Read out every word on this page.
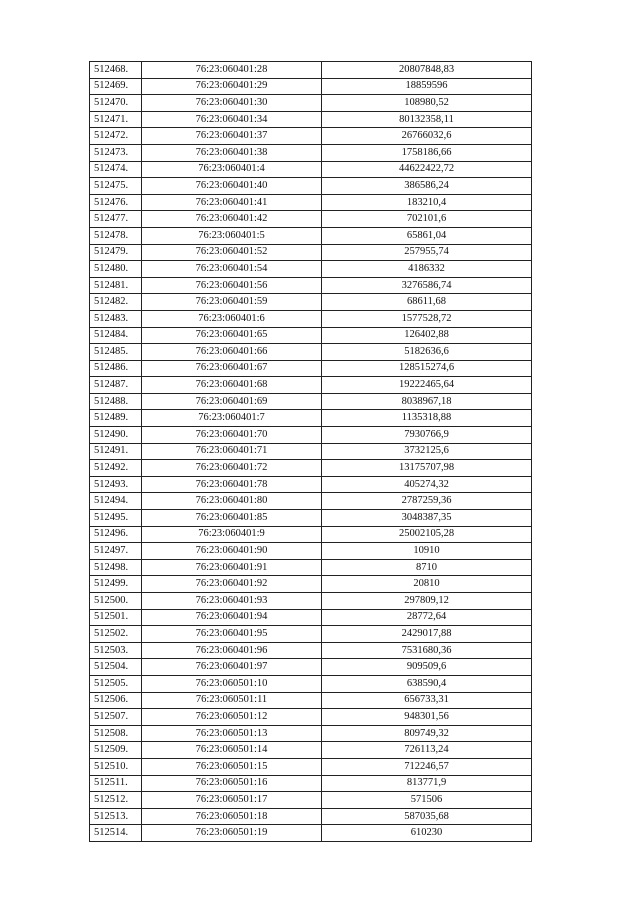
512468.	76:23:060401:28	20807848,83
512469.	76:23:060401:29	18859596
512470.	76:23:060401:30	108980,52
512471.	76:23:060401:34	80132358,11
512472.	76:23:060401:37	26766032,6
512473.	76:23:060401:38	1758186,66
512474.	76:23:060401:4	44622422,72
512475.	76:23:060401:40	386586,24
512476.	76:23:060401:41	183210,4
512477.	76:23:060401:42	702101,6
512478.	76:23:060401:5	65861,04
512479.	76:23:060401:52	257955,74
512480.	76:23:060401:54	4186332
512481.	76:23:060401:56	3276586,74
512482.	76:23:060401:59	68611,68
512483.	76:23:060401:6	1577528,72
512484.	76:23:060401:65	126402,88
512485.	76:23:060401:66	5182636,6
512486.	76:23:060401:67	128515274,6
512487.	76:23:060401:68	19222465,64
512488.	76:23:060401:69	8038967,18
512489.	76:23:060401:7	1135318,88
512490.	76:23:060401:70	7930766,9
512491.	76:23:060401:71	3732125,6
512492.	76:23:060401:72	13175707,98
512493.	76:23:060401:78	405274,32
512494.	76:23:060401:80	2787259,36
512495.	76:23:060401:85	3048387,35
512496.	76:23:060401:9	25002105,28
512497.	76:23:060401:90	10910
512498.	76:23:060401:91	8710
512499.	76:23:060401:92	20810
512500.	76:23:060401:93	297809,12
512501.	76:23:060401:94	28772,64
512502.	76:23:060401:95	2429017,88
512503.	76:23:060401:96	7531680,36
512504.	76:23:060401:97	909509,6
512505.	76:23:060501:10	638590,4
512506.	76:23:060501:11	656733,31
512507.	76:23:060501:12	948301,56
512508.	76:23:060501:13	809749,32
512509.	76:23:060501:14	726113,24
512510.	76:23:060501:15	712246,57
512511.	76:23:060501:16	813771,9
512512.	76:23:060501:17	571506
512513.	76:23:060501:18	587035,68
512514.	76:23:060501:19	610230
